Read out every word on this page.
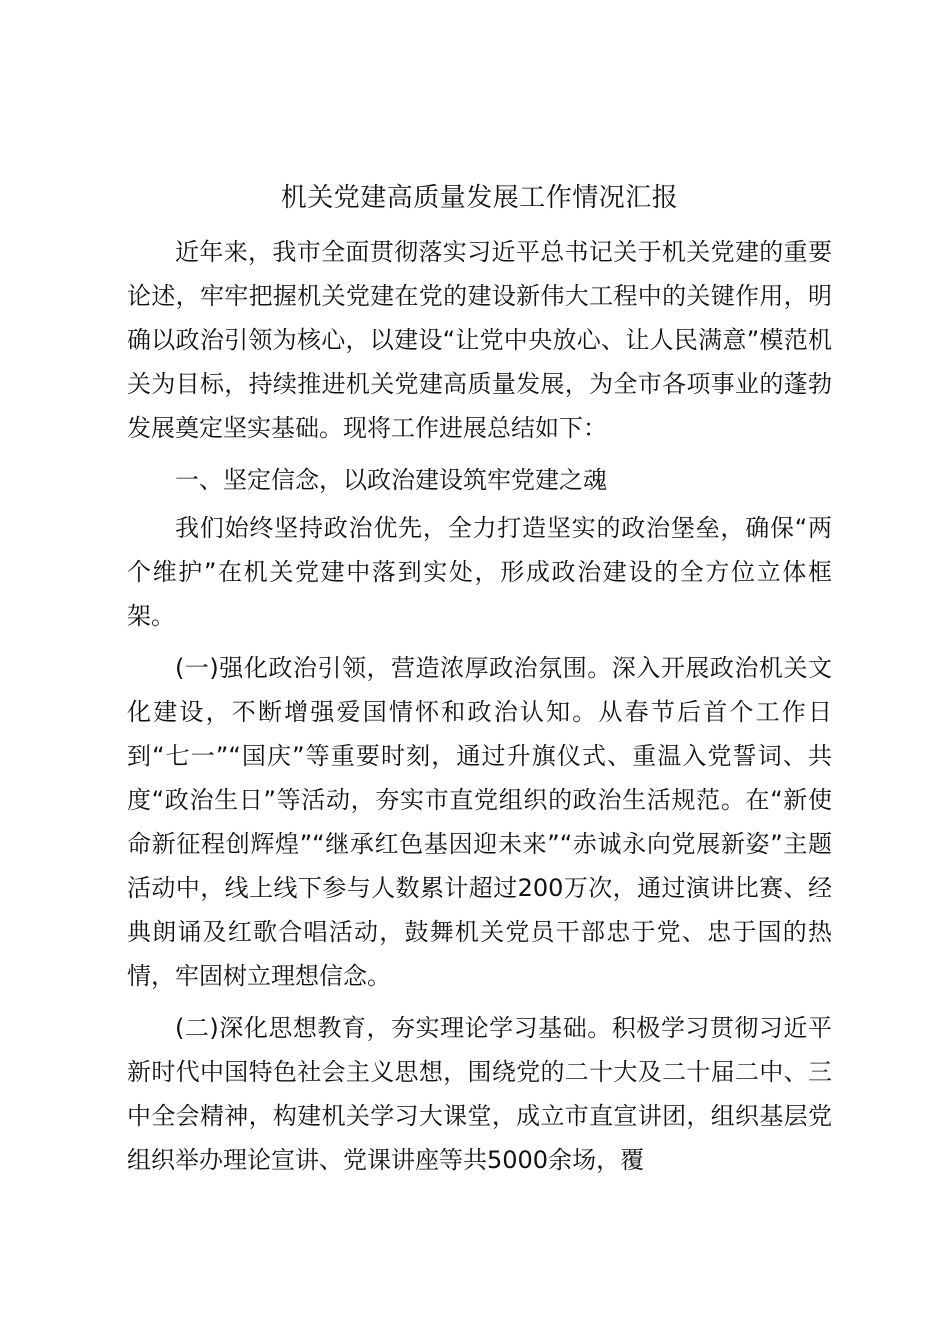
机关党建高质量发展工作情况汇报

近年来，我市全面贯彻落实习近平总书记关于机关党建的重要论述，牢牢把握机关党建在党的建设新伟大工程中的关键作用，明确以政治引领为核心，以建设“让党中央放心、让人民满意”模范机关为目标，持续推进机关党建高质量发展，为全市各项事业的蓬勃发展奠定坚实基础。现将工作进展总结如下：

一、坚定信念，以政治建设筑牢党建之魂

我们始终坚持政治优先，全力打造坚实的政治堡垒，确保“两个维护”在机关党建中落到实处，形成政治建设的全方位立体框架。

(一)强化政治引领，营造浓厚政治氛围。深入开展政治机关文化建设，不断增强爱国情怀和政治认知。从春节后首个工作日到“七一”“国庆”等重要时刻，通过升旗仪式、重温入党誓词、共度“政治生日”等活动，夯实市直党组织的政治生活规范。在“新使命新征程创辉煌”“继承红色基因迎未来”“赤诚永向党展新姿”主题活动中，线上线下参与人数累计超过200万次，通过演讲比赛、经典朗诵及红歌合唱活动，鼓舞机关党员干部忠于党、忠于国的热情，牢固树立理想信念。

(二)深化思想教育，夯实理论学习基础。积极学习贯彻习近平新时代中国特色社会主义思想，围绕党的二十大及二十届二中、三中全会精神，构建机关学习大课堂，成立市直宣讲团，组织基层党组织举办理论宣讲、党课讲座等共5000余场，覆
